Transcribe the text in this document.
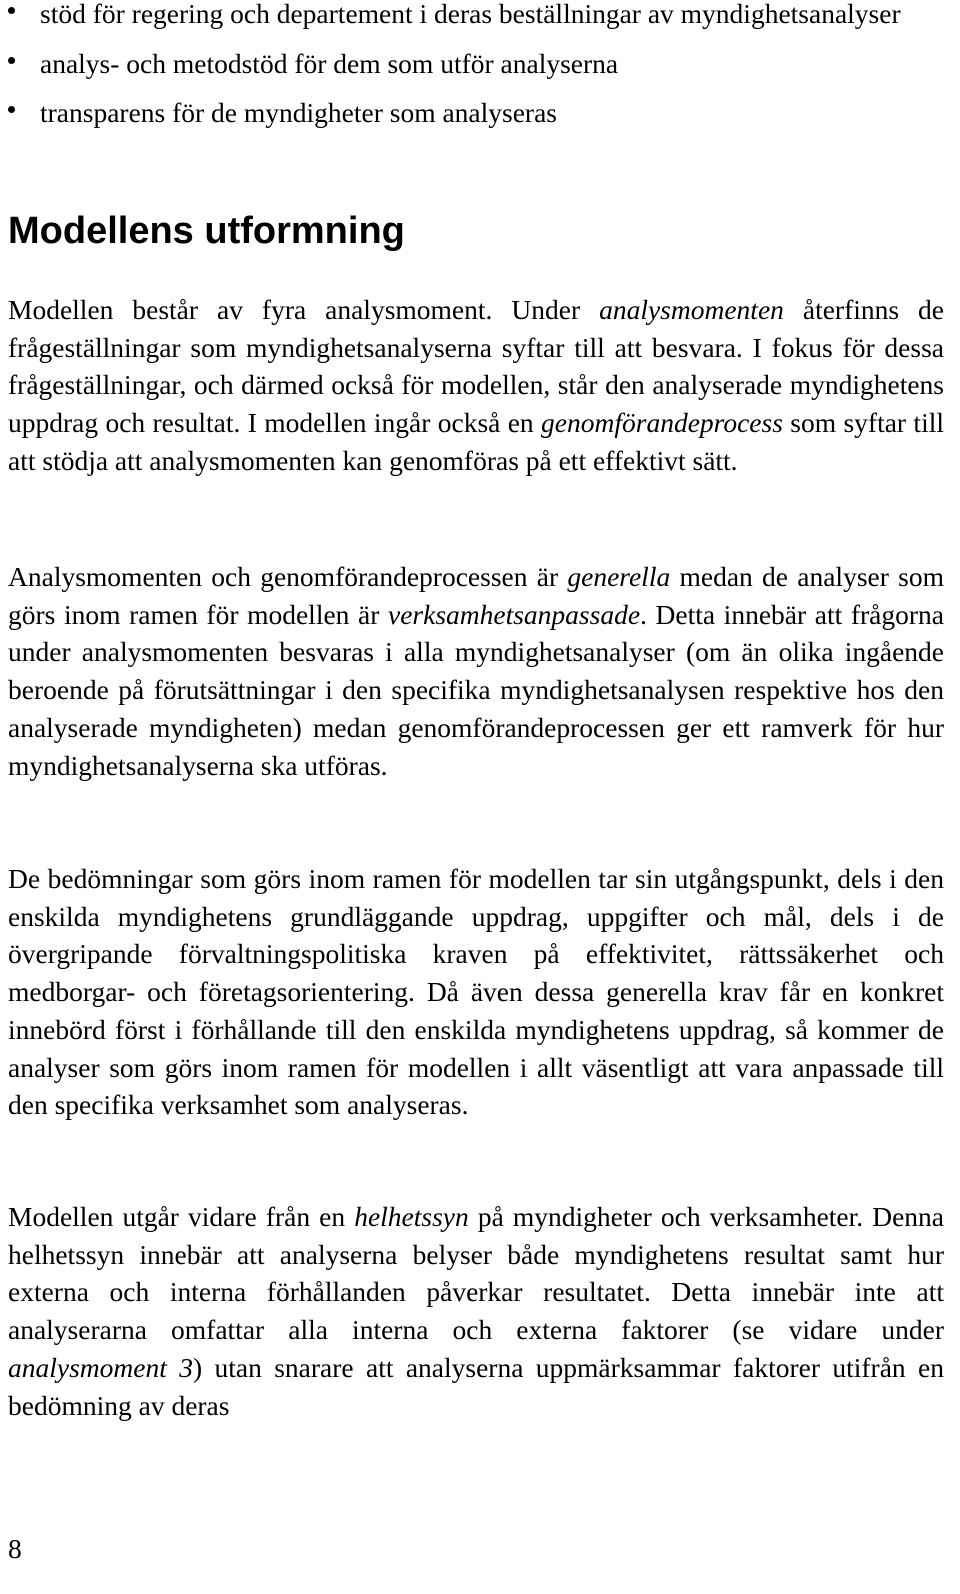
stöd för regering och departement i deras beställningar av myndighetsanalyser
analys- och metodstöd för dem som utför analyserna
transparens för de myndigheter som analyseras
Modellens utformning

Modellen består av fyra analysmoment. Under analysmomenten återfinns de frågeställningar som myndighetsanalyserna syftar till att besvara. I fokus för dessa frågeställningar, och därmed också för modellen, står den analyserade myndighetens uppdrag och resultat. I modellen ingår också en genomförandeprocess som syftar till att stödja att analysmomenten kan genomföras på ett effektivt sätt.

Analysmomenten och genomförandeprocessen är generella medan de analyser som görs inom ramen för modellen är verksamhetsanpassade. Detta innebär att frågorna under analysmomenten besvaras i alla myndighetsanalyser (om än olika ingående beroende på förutsättningar i den specifika myndighetsanalysen respektive hos den analyserade myndigheten) medan genomförandeprocessen ger ett ramverk för hur myndighetsanalyserna ska utföras.

De bedömningar som görs inom ramen för modellen tar sin utgångspunkt, dels i den enskilda myndighetens grundläggande uppdrag, uppgifter och mål, dels i de övergripande förvaltningspolitiska kraven på effektivitet, rättssäkerhet och medborgar- och företagsorientering. Då även dessa generella krav får en konkret innebörd först i förhållande till den enskilda myndighetens uppdrag, så kommer de analyser som görs inom ramen för modellen i allt väsentligt att vara anpassade till den specifika verksamhet som analyseras.

Modellen utgår vidare från en helhetssyn på myndigheter och verksamheter. Denna helhetssyn innebär att analyserna belyser både myndighetens resultat samt hur externa och interna förhållanden påverkar resultatet. Detta innebär inte att analyserarna omfattar alla interna och externa faktorer (se vidare under analysmoment 3) utan snarare att analyserna uppmärksammar faktorer utifrån en bedömning av deras

8
